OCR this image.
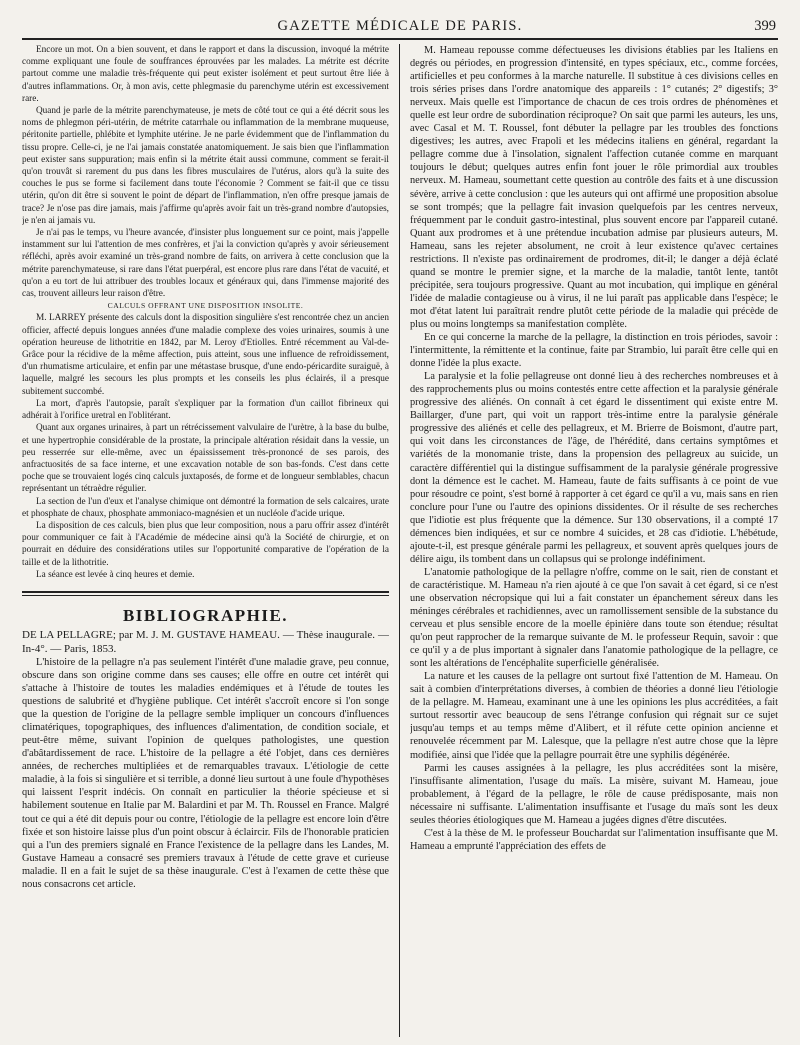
GAZETTE MÉDICALE DE PARIS.	399

Encore un mot. On a bien souvent, et dans le rapport et dans la discussion, invoqué la métrite comme expliquant une foule de souffrances éprouvées par les malades. La métrite est décrite partout comme une maladie très-fréquente qui peut exister isolément et peut surtout être liée à d'autres inflammations. Or, à mon avis, cette phlegmasie du parenchyme utérin est excessivement rare.

Quand je parle de la métrite parenchymateuse, je mets de côté tout ce qui a été décrit sous les noms de phlegmon péri-utérin, de métrite catarrhale ou inflammation de la membrane muqueuse, péritonite partielle, phlébite et lymphite utérine. Je ne parle évidemment que de l'inflammation du tissu propre. Celle-ci, je ne l'ai jamais constatée anatomiquement. Je sais bien que l'inflammation peut exister sans suppuration; mais enfin si la métrite était aussi commune, comment se ferait-il qu'on trouvât si rarement du pus dans les fibres musculaires de l'utérus, alors qu'à la suite des couches le pus se forme si facilement dans toute l'économie ? Comment se fait-il que ce tissu utérin, qu'on dit être si souvent le point de départ de l'inflammation, n'en offre presque jamais de trace? Je n'ose pas dire jamais, mais j'affirme qu'après avoir fait un très-grand nombre d'autopsies, je n'en ai jamais vu.

Je n'ai pas le temps, vu l'heure avancée, d'insister plus longuement sur ce point, mais j'appelle instamment sur lui l'attention de mes confrères, et j'ai la conviction qu'après y avoir sérieusement réfléchi, après avoir examiné un très-grand nombre de faits, on arrivera à cette conclusion que la métrite parenchymateuse, si rare dans l'état puerpéral, est encore plus rare dans l'état de vacuité, et qu'on a eu tort de lui attribuer des troubles locaux et généraux qui, dans l'immense majorité des cas, trouvent ailleurs leur raison d'être.

CALCULS OFFRANT UNE DISPOSITION INSOLITE.

M. LARREY présente des calculs dont la disposition singulière s'est rencontrée chez un ancien officier, affecté depuis longues années d'une maladie complexe des voies urinaires, soumis à une opération heureuse de lithotritie en 1842, par M. Leroy d'Etiolles. Entré récemment au Val-de-Grâce pour la récidive de la même affection, puis atteint, sous une influence de refroidissement, d'un rhumatisme articulaire, et enfin par une métastase brusque, d'une endo-péricardite suraiguë, à laquelle, malgré les secours les plus prompts et les conseils les plus éclairés, il a presque subitement succombé.

La mort, d'après l'autopsie, paraît s'expliquer par la formation d'un caillot fibrineux qui adhérait à l'orifice uretral en l'oblitérant.

Quant aux organes urinaires, à part un rétrécissement valvulaire de l'urètre, à la base du bulbe, et une hypertrophie considérable de la prostate, la principale altération résidait dans la vessie, un peu resserrée sur elle-même, avec un épaississement très-prononcé de ses parois, des anfractuosités de sa face interne, et une excavation notable de son bas-fonds. C'est dans cette poche que se trouvaient logés cinq calculs juxtaposés, de forme et de longueur semblables, chacun représentant un tétraèdre régulier.

La section de l'un d'eux et l'analyse chimique ont démontré la formation de sels calcaires, urate et phosphate de chaux, phosphate ammoniaco-magnésien et un nucléole d'acide urique.

La disposition de ces calculs, bien plus que leur composition, nous a paru offrir assez d'intérêt pour communiquer ce fait à l'Académie de médecine ainsi qu'à la Société de chirurgie, et on pourrait en déduire des considérations utiles sur l'opportunité comparative de l'opération de la taille et de la lithotritie.

La séance est levée à cinq heures et demie.

BIBLIOGRAPHIE.

DE LA PELLAGRE; par M. J. M. GUSTAVE HAMEAU. — Thèse inaugurale. — In-4°. — Paris, 1853.

L'histoire de la pellagre n'a pas seulement l'intérêt d'une maladie grave, peu connue, obscure dans son origine comme dans ses causes; elle offre en outre cet intérêt qui s'attache à l'histoire de toutes les maladies endémiques et à l'étude de toutes les questions de salubrité et d'hygiène publique. Cet intérêt s'accroît encore si l'on songe que la question de l'origine de la pellagre semble impliquer un concours d'influences climatériques, topographiques, des influences d'alimentation, de condition sociale, et peut-être même, suivant l'opinion de quelques pathologistes, une question d'abâtardissement de race. L'histoire de la pellagre a été l'objet, dans ces dernières années, de recherches multipliées et de remarquables travaux. L'étiologie de cette maladie, à la fois si singulière et si terrible, a donné lieu surtout à une foule d'hypothèses qui laissent l'esprit indécis. On connaît en particulier la théorie spécieuse et si habilement soutenue en Italie par M. Balardini et par M. Th. Roussel en France. Malgré tout ce qui a été dit depuis pour ou contre, l'étiologie de la pellagre est encore loin d'être fixée et son histoire laisse plus d'un point obscur à éclaircir. Fils de l'honorable praticien qui a l'un des premiers signalé en France l'existence de la pellagre dans les Landes, M. Gustave Hameau a consacré ses premiers travaux à l'étude de cette grave et curieuse maladie. Il en a fait le sujet de sa thèse inaugurale. C'est à l'examen de cette thèse que nous consacrons cet article.

M. Hameau repousse comme défectueuses les divisions établies par les Italiens en degrés ou périodes, en progression d'intensité, en types spéciaux, etc., comme forcées, artificielles et peu conformes à la marche naturelle. Il substitue à ces divisions celles en trois séries prises dans l'ordre anatomique des appareils : 1° cutanés; 2° digestifs; 3° nerveux. Mais quelle est l'importance de chacun de ces trois ordres de phénomènes et quelle est leur ordre de subordination réciproque? On sait que parmi les auteurs, les uns, avec Casal et M. T. Roussel, font débuter la pellagre par les troubles des fonctions digestives; les autres, avec Frapoli et les médecins italiens en général, regardant la pellagre comme due à l'insolation, signalent l'affection cutanée comme en marquant toujours le début; quelques autres enfin font jouer le rôle primordial aux troubles nerveux. M. Hameau, soumettant cette question au contrôle des faits et à une discussion sévère, arrive à cette conclusion : que les auteurs qui ont affirmé une proposition absolue se sont trompés; que la pellagre fait invasion quelquefois par les centres nerveux, fréquemment par le conduit gastro-intestinal, plus souvent encore par l'appareil cutané. Quant aux prodromes et à une prétendue incubation admise par plusieurs auteurs, M. Hameau, sans les rejeter absolument, ne croit à leur existence qu'avec certaines restrictions. Il n'existe pas ordinairement de prodromes, dit-il; le danger a déjà éclaté quand se montre le premier signe, et la marche de la maladie, tantôt lente, tantôt précipitée, sera toujours progressive. Quant au mot incubation, qui implique en général l'idée de maladie contagieuse ou à virus, il ne lui paraît pas applicable dans l'espèce; le mot d'état latent lui paraîtrait rendre plutôt cette période de la maladie qui précède de plus ou moins longtemps sa manifestation complète.

En ce qui concerne la marche de la pellagre, la distinction en trois périodes, savoir : l'intermittente, la rémittente et la continue, faite par Strambio, lui paraît être celle qui en donne l'idée la plus exacte.

La paralysie et la folie pellagreuse ont donné lieu à des recherches nombreuses et à des rapprochements plus ou moins contestés entre cette affection et la paralysie générale progressive des aliénés. On connaît à cet égard le dissentiment qui existe entre M. Baillarger, d'une part, qui voit un rapport très-intime entre la paralysie générale progressive des aliénés et celle des pellagreux, et M. Brierre de Boismont, d'autre part, qui voit dans les circonstances de l'âge, de l'hérédité, dans certains symptômes et variétés de la monomanie triste, dans la propension des pellagreux au suicide, un caractère différentiel qui la distingue suffisamment de la paralysie générale progressive dont la démence est le cachet. M. Hameau, faute de faits suffisants à ce point de vue pour résoudre ce point, s'est borné à rapporter à cet égard ce qu'il a vu, mais sans en rien conclure pour l'une ou l'autre des opinions dissidentes. Or il résulte de ses recherches que l'idiotie est plus fréquente que la démence. Sur 130 observations, il a compté 17 démences bien indiquées, et sur ce nombre 4 suicides, et 28 cas d'idiotie. L'hébétude, ajoute-t-il, est presque générale parmi les pellagreux, et souvent après quelques jours de délire aigu, ils tombent dans un collapsus qui se prolonge indéfiniment.

L'anatomie pathologique de la pellagre n'offre, comme on le sait, rien de constant et de caractéristique. M. Hameau n'a rien ajouté à ce que l'on savait à cet égard, si ce n'est une observation nécropsique qui lui a fait constater un épanchement séreux dans les méninges cérébrales et rachidiennes, avec un ramollissement sensible de la substance du cerveau et plus sensible encore de la moelle épinière dans toute son étendue; résultat qu'on peut rapprocher de la remarque suivante de M. le professeur Requin, savoir : que ce qu'il y a de plus important à signaler dans l'anatomie pathologique de la pellagre, ce sont les altérations de l'encéphalite superficielle généralisée.

La nature et les causes de la pellagre ont surtout fixé l'attention de M. Hameau. On sait à combien d'interprétations diverses, à combien de théories a donné lieu l'étiologie de la pellagre. M. Hameau, examinant une à une les opinions les plus accréditées, a fait surtout ressortir avec beaucoup de sens l'étrange confusion qui régnait sur ce sujet jusqu'au temps et au temps même d'Alibert, et il réfute cette opinion ancienne et renouvelée récemment par M. Lalesque, que la pellagre n'est autre chose que la lèpre modifiée, ainsi que l'idée que la pellagre pourrait être une syphilis dégénérée.

Parmi les causes assignées à la pellagre, les plus accréditées sont la misère, l'insuffisante alimentation, l'usage du maïs. La misère, suivant M. Hameau, joue probablement, à l'égard de la pellagre, le rôle de cause prédisposante, mais non nécessaire ni suffisante. L'alimentation insuffisante et l'usage du maïs sont les deux seules théories étiologiques que M. Hameau a jugées dignes d'être discutées.

C'est à la thèse de M. le professeur Bouchardat sur l'alimentation insuffisante que M. Hameau a emprunté l'appréciation des effets de
